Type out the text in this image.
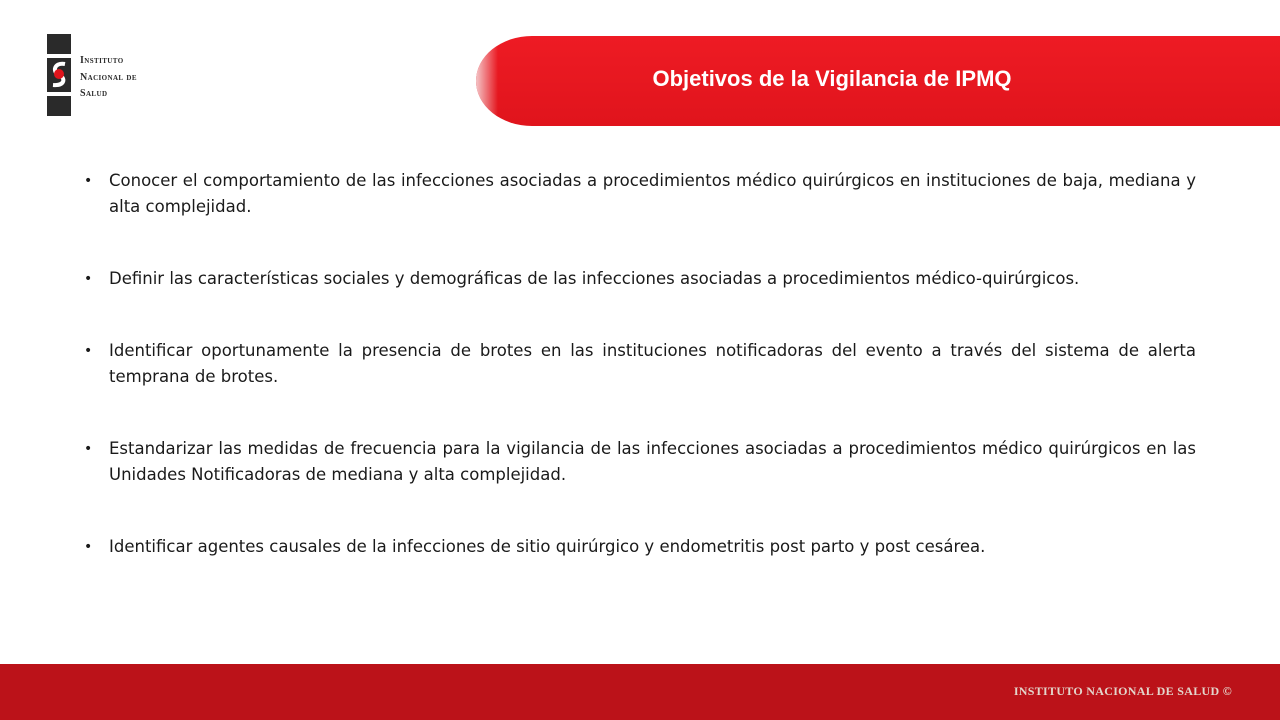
Instituto
Nacional de
Salud
Objetivos de la Vigilancia de IPMQ
• Conocer el comportamiento de las infecciones asociadas a procedimientos médico quirúrgicos en instituciones de baja, mediana y alta complejidad.
• Definir las características sociales y demográficas de las infecciones asociadas a procedimientos médico-quirúrgicos.
• Identificar oportunamente la presencia de brotes en las instituciones notificadoras del evento a través del sistema de alerta temprana de brotes.
• Estandarizar las medidas de frecuencia para la vigilancia de las infecciones asociadas a procedimientos médico quirúrgicos en las Unidades Notificadoras de mediana y alta complejidad.
• Identificar agentes causales de la infecciones de sitio quirúrgico y endometritis post parto y post cesárea.
INSTITUTO NACIONAL DE SALUD ©
